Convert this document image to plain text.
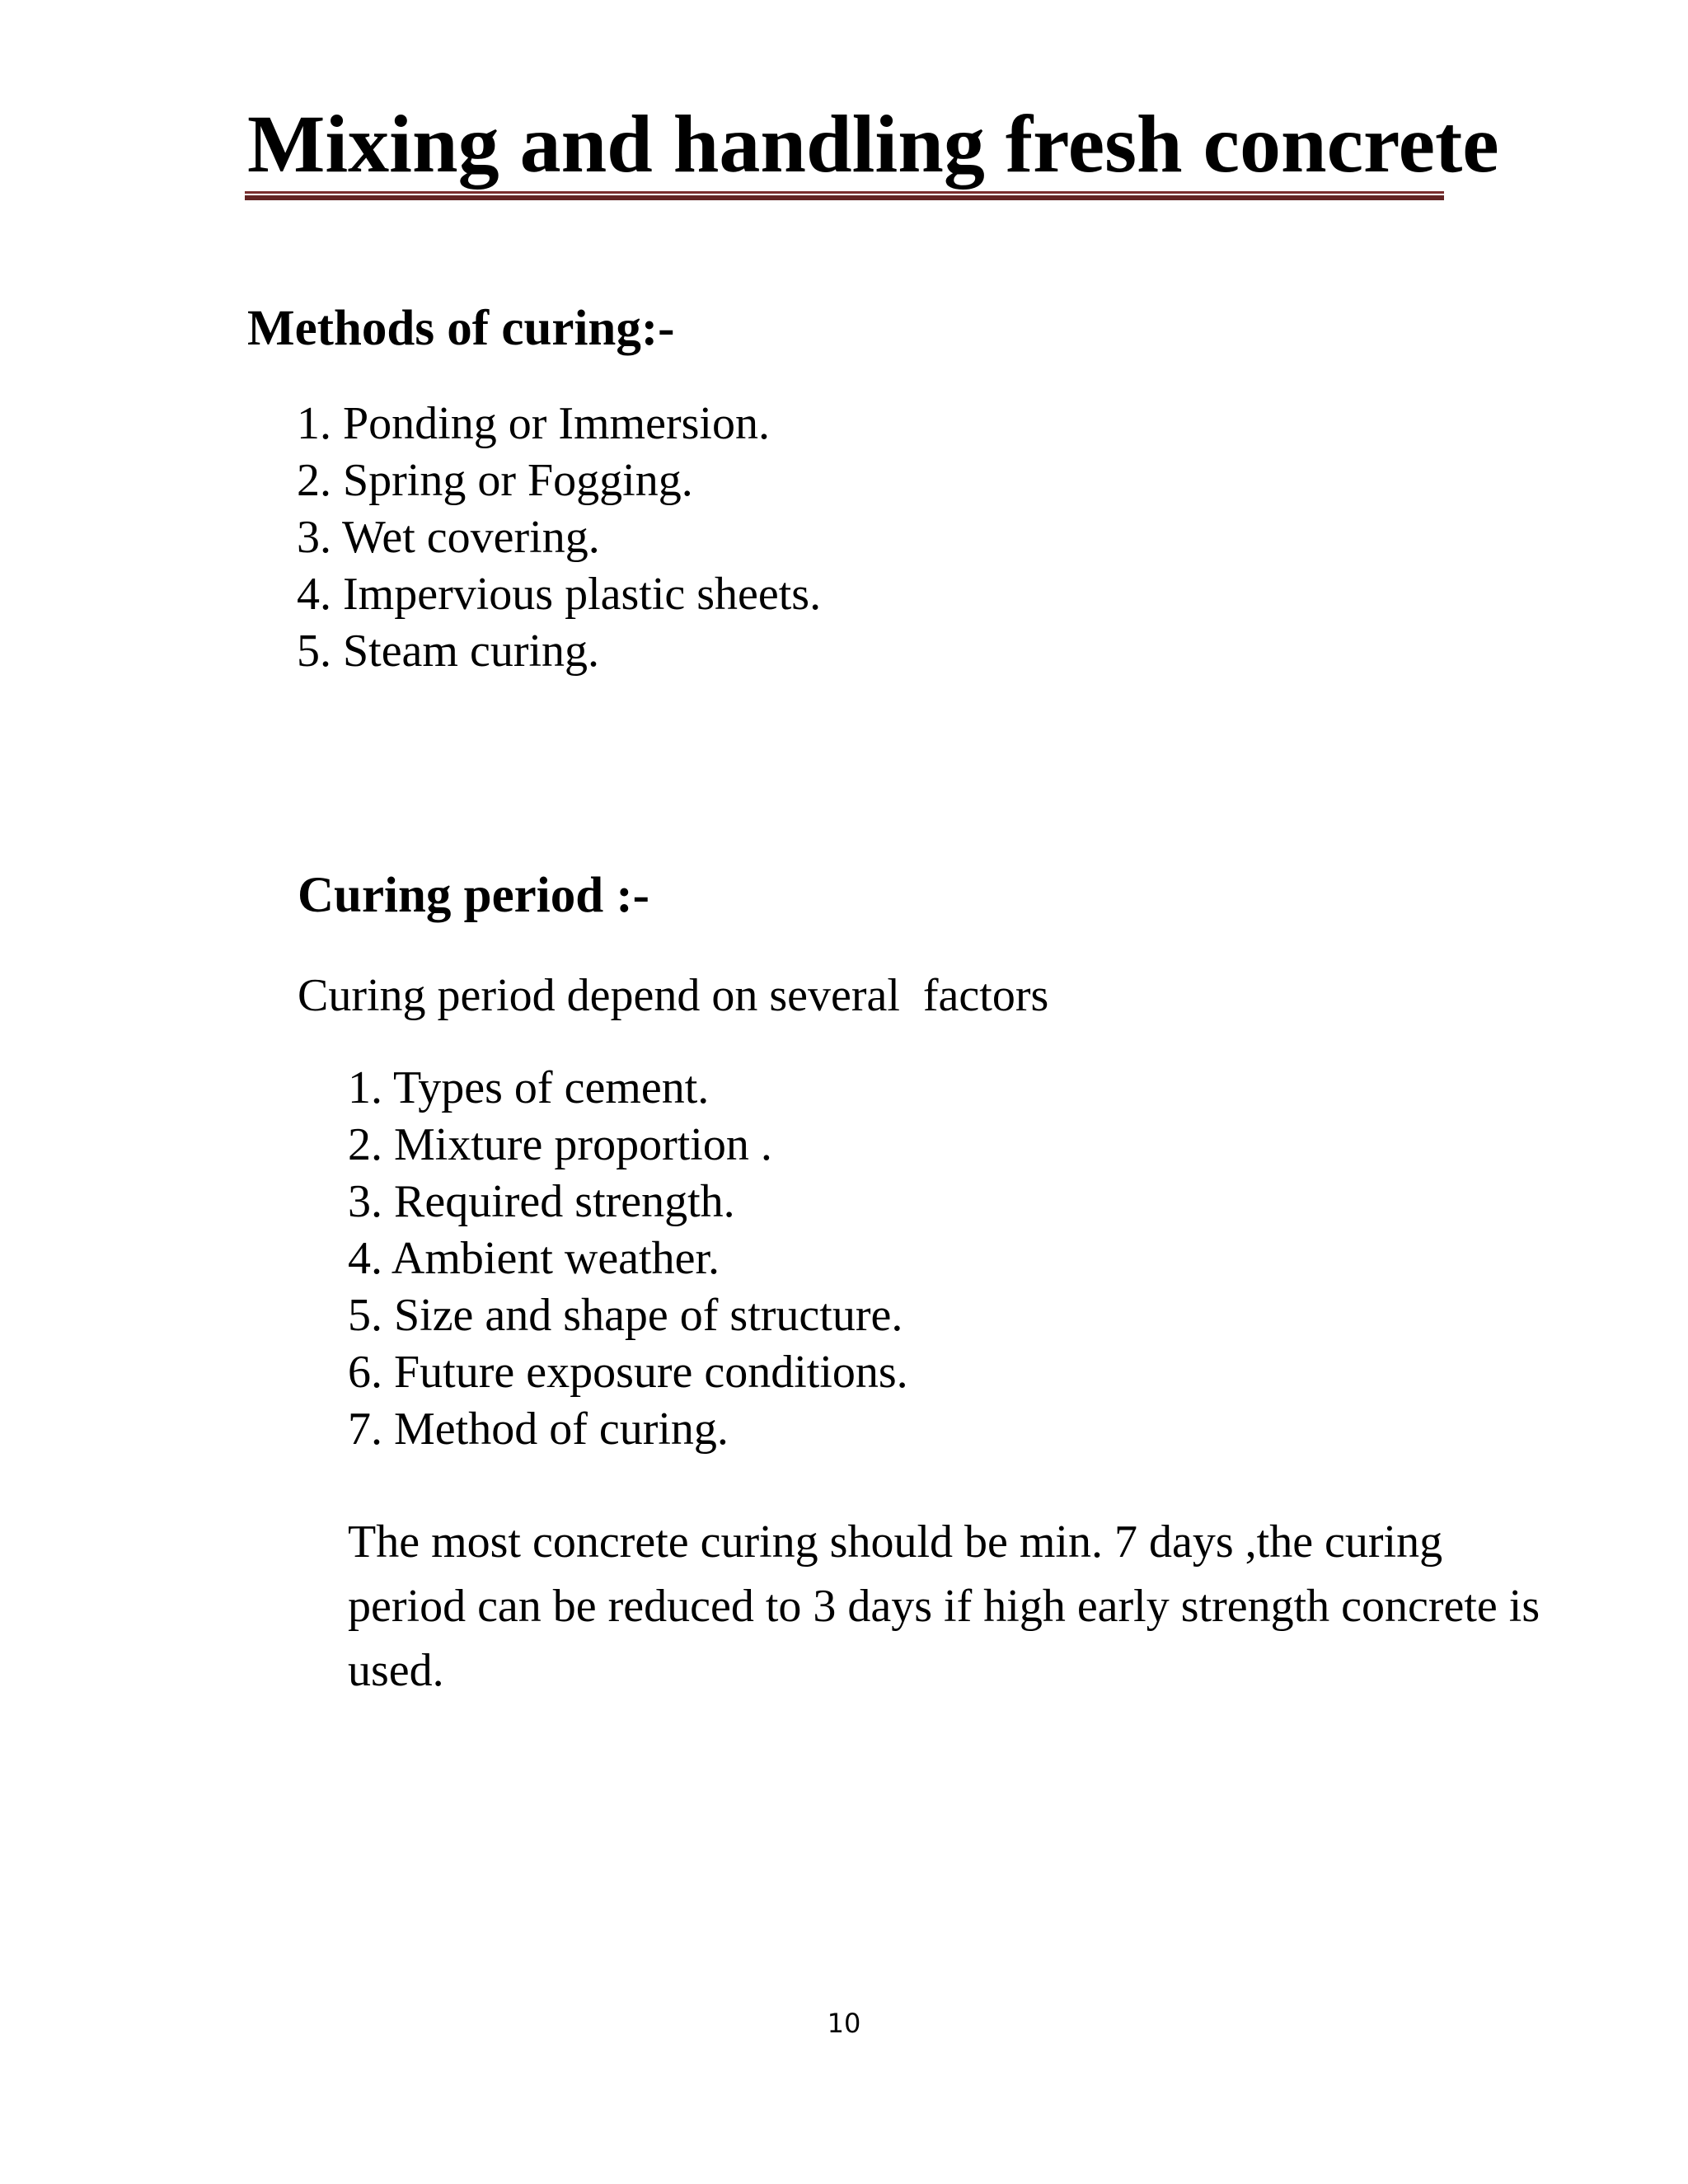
Mixing and handling fresh concrete
Methods of curing:-
1. Ponding or Immersion.
2. Spring or Fogging.
3. Wet covering.
4. Impervious plastic sheets.
5. Steam curing.
Curing period :-

Curing period depend on several  factors

1. Types of cement.
2. Mixture proportion .
3. Required strength.
4. Ambient weather.
5. Size and shape of structure.
6. Future exposure conditions.
7. Method of curing.

The most concrete curing should be min. 7 days ,the curing period can be reduced to 3 days if high early strength concrete is used.

10
